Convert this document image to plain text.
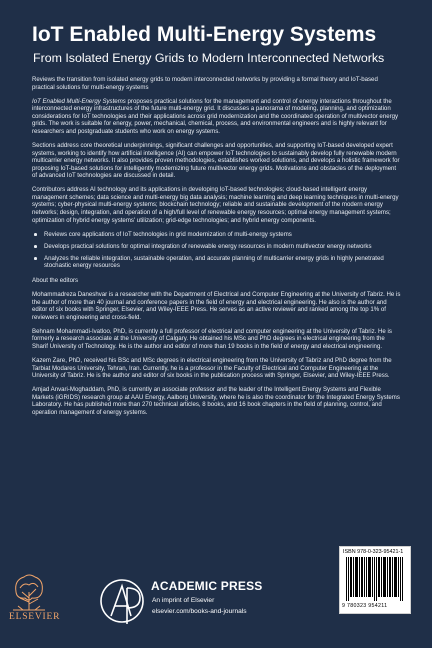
IoT Enabled Multi-Energy Systems
From Isolated Energy Grids to Modern Interconnected Networks

Reviews the transition from isolated energy grids to modern interconnected networks by providing a formal theory and IoT-based practical solutions for multi-energy systems

IoT Enabled Multi-Energy Systems proposes practical solutions for the management and control of energy interactions throughout the interconnected energy infrastructures of the future multi-energy grid. It discusses a panorama of modeling, planning, and optimization considerations for IoT technologies and their applications across grid modernization and the coordinated operation of multivector energy grids. The work is suitable for energy, power, mechanical, chemical, process, and environmental engineers and is highly relevant for researchers and postgraduate students who work on energy systems.

Sections address core theoretical underpinnings, significant challenges and opportunities, and supporting IoT-based developed expert systems, working to identify how artificial intelligence (AI) can empower IoT technologies to sustainably develop fully renewable modern multicarrier energy networks. It also provides proven methodologies, establishes worked solutions, and develops a holistic framework for proposing IoT-based solutions for intelligently modernizing future multivector energy grids. Motivations and obstacles of the deployment of advanced IoT technologies are discussed in detail.

Contributors address AI technology and its applications in developing IoT-based technologies; cloud-based intelligent energy management schemes; data science and multi-energy big data analysis; machine learning and deep learning techniques in multi-energy systems; cyber-physical multi-energy systems; blockchain technology; reliable and sustainable development of the modern energy networks; design, integration, and operation of a high/full level of renewable energy resources; optimal energy management systems; optimization of hybrid energy systems' utilization; grid-edge technologies; and hybrid energy components.

Reviews core applications of IoT technologies in grid modernization of multi-energy systems
Develops practical solutions for optimal integration of renewable energy resources in modern multivector energy networks
Analyzes the reliable integration, sustainable operation, and accurate planning of multicarrier energy grids in highly penetrated stochastic energy resources

About the editors

Mohammadreza Daneshvar is a researcher with the Department of Electrical and Computer Engineering at the University of Tabriz. He is the author of more than 40 journal and conference papers in the field of energy and electrical engineering. He also is the author and editor of six books with Springer, Elsevier, and Wiley-IEEE Press. He serves as an active reviewer and ranked among the top 1% of reviewers in engineering and cross-field.

Behnam Mohammadi-Ivatloo, PhD, is currently a full professor of electrical and computer engineering at the University of Tabriz. He is formerly a research associate at the University of Calgary. He obtained his MSc and PhD degrees in electrical engineering from the Sharif University of Technology. He is the author and editor of more than 19 books in the field of energy and electrical engineering.

Kazem Zare, PhD, received his BSc and MSc degrees in electrical engineering from the University of Tabriz and PhD degree from the Tarbiat Modares University, Tehran, Iran. Currently, he is a professor in the Faculty of Electrical and Computer Engineering at the University of Tabriz. He is the author and editor of six books in the publication process with Springer, Elsevier, and Wiley-IEEE Press.

Amjad Anvari-Moghaddam, PhD, is currently an associate professor and the leader of the Intelligent Energy Systems and Flexible Markets (iGRIDS) research group at AAU Energy, Aalborg University, where he is also the coordinator for the Integrated Energy Systems Laboratory. He has published more than 270 technical articles, 8 books, and 16 book chapters in the field of planning, control, and operation management of energy systems.

ISBN 978-0-323-95421-1
9 780323 954211
ELSEVIER
ACADEMIC PRESS
An imprint of Elsevier
elsevier.com/books-and-journals
